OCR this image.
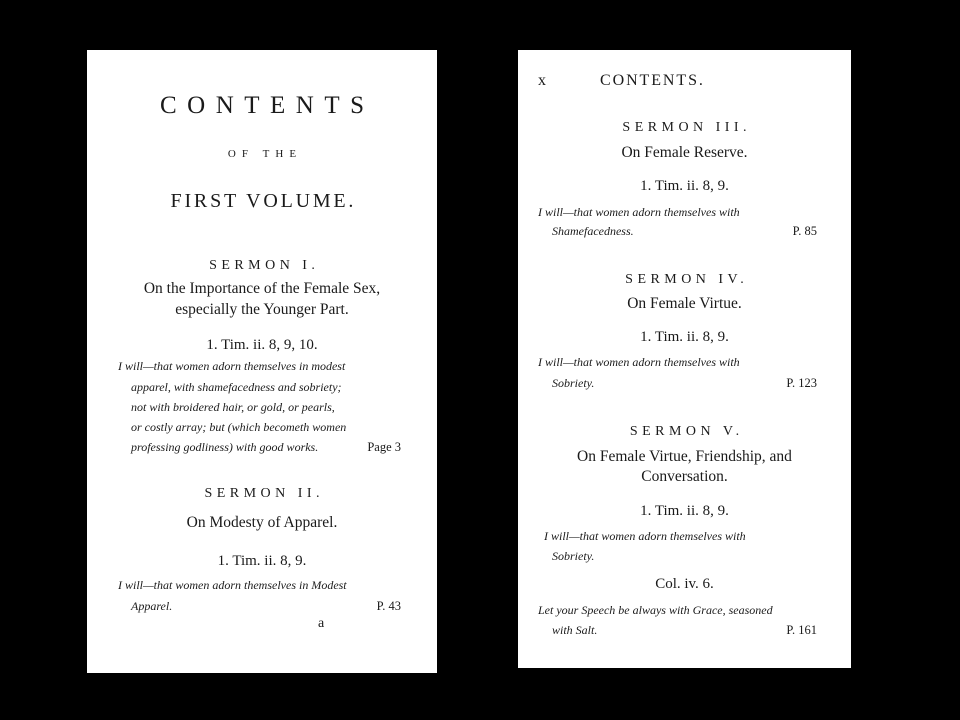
CONTENTS
OF THE
FIRST VOLUME.
SERMON I.
On the Importance of the Female Sex,
especially the Younger Part.
1. Tim. ii. 8, 9, 10.
I will—that women adorn themselves in modest
apparel, with shamefacedness and sobriety;
not with broidered hair, or gold, or pearls,
or costly array; but (which becometh women
professing godliness) with good works.	Page 3
SERMON II.
On Modesty of Apparel.
1. Tim. ii. 8, 9.
I will—that women adorn themselves in Modest
Apparel.	P. 43
a
x	CONTENTS.
SERMON III.
On Female Reserve.
1. Tim. ii. 8, 9.
I will—that women adorn themselves with
Shamefacedness.	P. 85
SERMON IV.
On Female Virtue.
1. Tim. ii. 8, 9.
I will—that women adorn themselves with
Sobriety.	P. 123
SERMON V.
On Female Virtue, Friendship, and
Conversation.
1. Tim. ii. 8, 9.
I will—that women adorn themselves with
Sobriety.
Col. iv. 6.
Let your Speech be always with Grace, seasoned
with Salt.	P. 161
